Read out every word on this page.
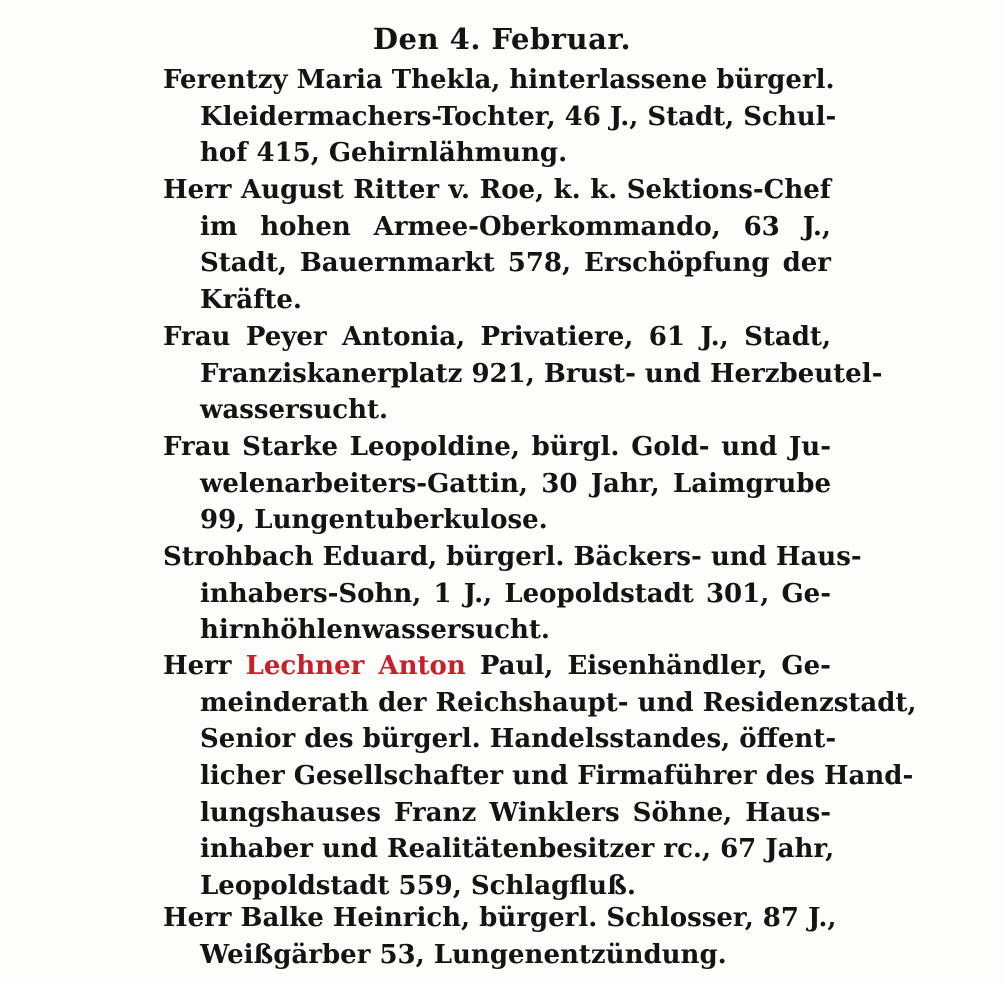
Den 4. Februar.
Ferentzy Maria Thekla, hinterlassene bürgerl.
Kleidermachers-Tochter, 46 J., Stadt, Schul-
hof 415, Gehirnlähmung.
Herr August Ritter v. Roe, k. k. Sektions-Chef
im hohen Armee-Oberkommando, 63 J.,
Stadt, Bauernmarkt 578, Erschöpfung der
Kräfte.
Frau Peyer Antonia, Privatiere, 61 J., Stadt,
Franziskanerplatz 921, Brust- und Herzbeutel-
wassersucht.
Frau Starke Leopoldine, bürgl. Gold- und Ju-
welenarbeiters-Gattin, 30 Jahr, Laimgrube
99, Lungentuberkulose.
Strohbach Eduard, bürgerl. Bäckers- und Haus-
inhabers-Sohn, 1 J., Leopoldstadt 301, Ge-
hirnhöhlenwassersucht.
Herr Lechner Anton Paul, Eisenhändler, Ge-
meinderath der Reichshaupt- und Residenzstadt,
Senior des bürgerl. Handelsstandes, öffent-
licher Gesellschafter und Firmaführer des Hand-
lungshauses Franz Winklers Söhne, Haus-
inhaber und Realitätenbesitzer rc., 67 Jahr,
Leopoldstadt 559, Schlagfluß.
Herr Balke Heinrich, bürgerl. Schlosser, 87 J.,
Weißgärber 53, Lungenentzündung.
